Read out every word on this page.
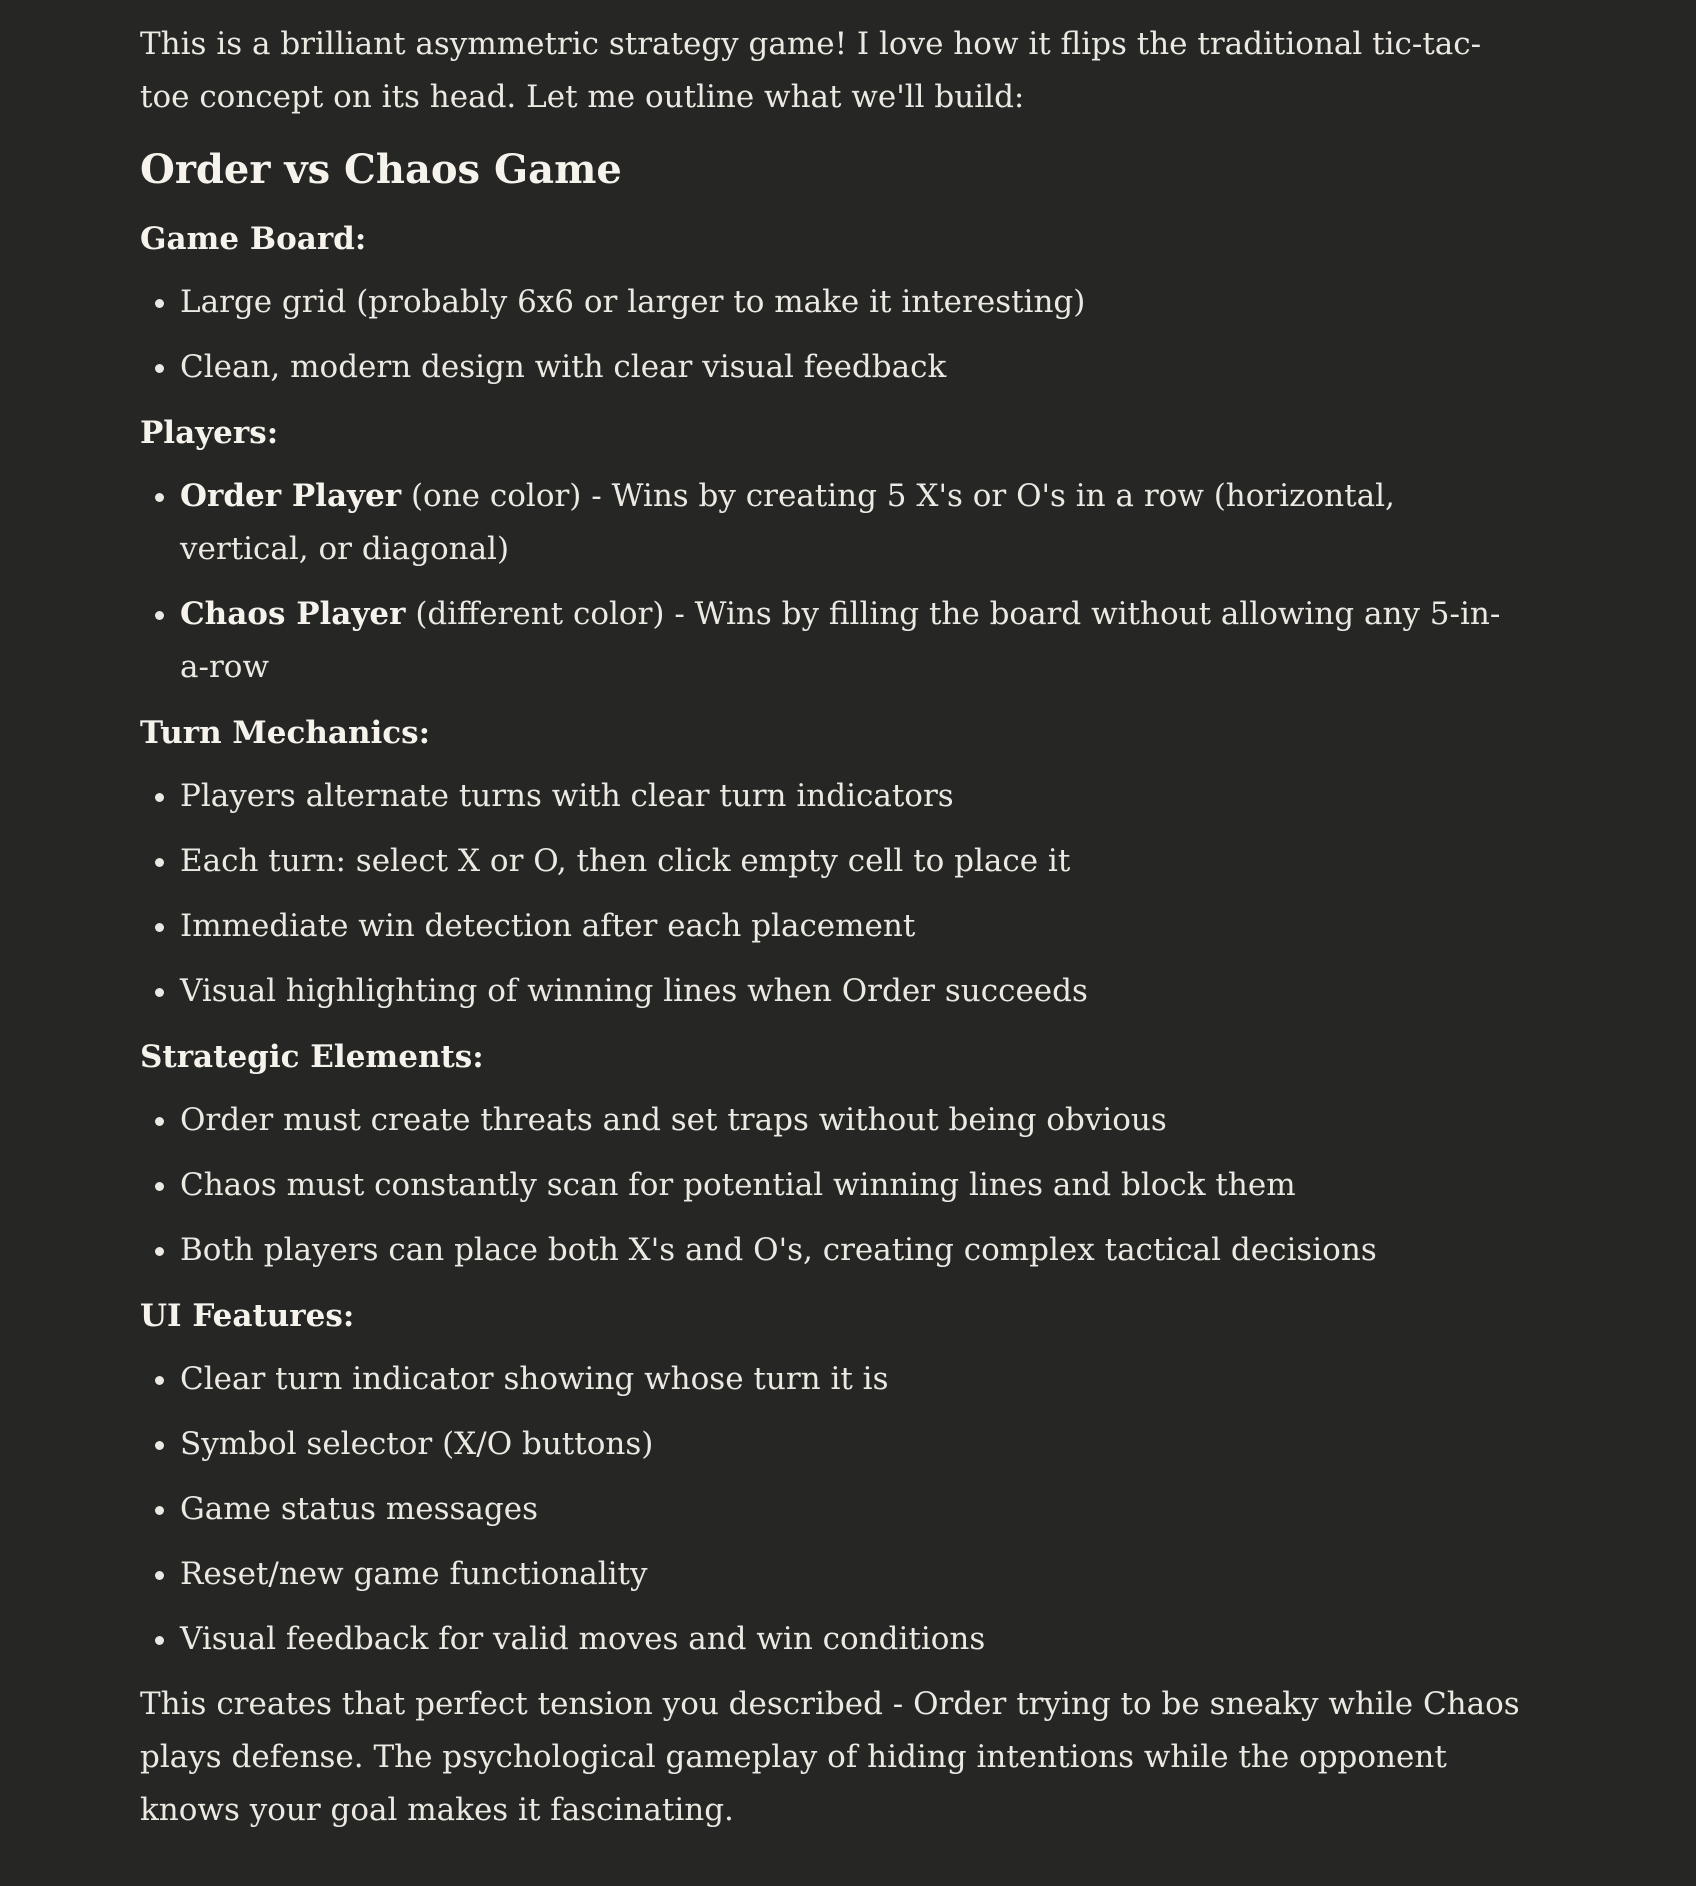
This is a brilliant asymmetric strategy game! I love how it flips the traditional tic-tac-toe concept on its head. Let me outline what we'll build:

Order vs Chaos Game

Game Board:

Large grid (probably 6x6 or larger to make it interesting)
Clean, modern design with clear visual feedback

Players:

Order Player (one color) - Wins by creating 5 X's or O's in a row (horizontal, vertical, or diagonal)
Chaos Player (different color) - Wins by filling the board without allowing any 5-in-a-row

Turn Mechanics:

Players alternate turns with clear turn indicators
Each turn: select X or O, then click empty cell to place it
Immediate win detection after each placement
Visual highlighting of winning lines when Order succeeds

Strategic Elements:

Order must create threats and set traps without being obvious
Chaos must constantly scan for potential winning lines and block them
Both players can place both X's and O's, creating complex tactical decisions

UI Features:

Clear turn indicator showing whose turn it is
Symbol selector (X/O buttons)
Game status messages
Reset/new game functionality
Visual feedback for valid moves and win conditions

This creates that perfect tension you described - Order trying to be sneaky while Chaos plays defense. The psychological gameplay of hiding intentions while the opponent knows your goal makes it fascinating.
